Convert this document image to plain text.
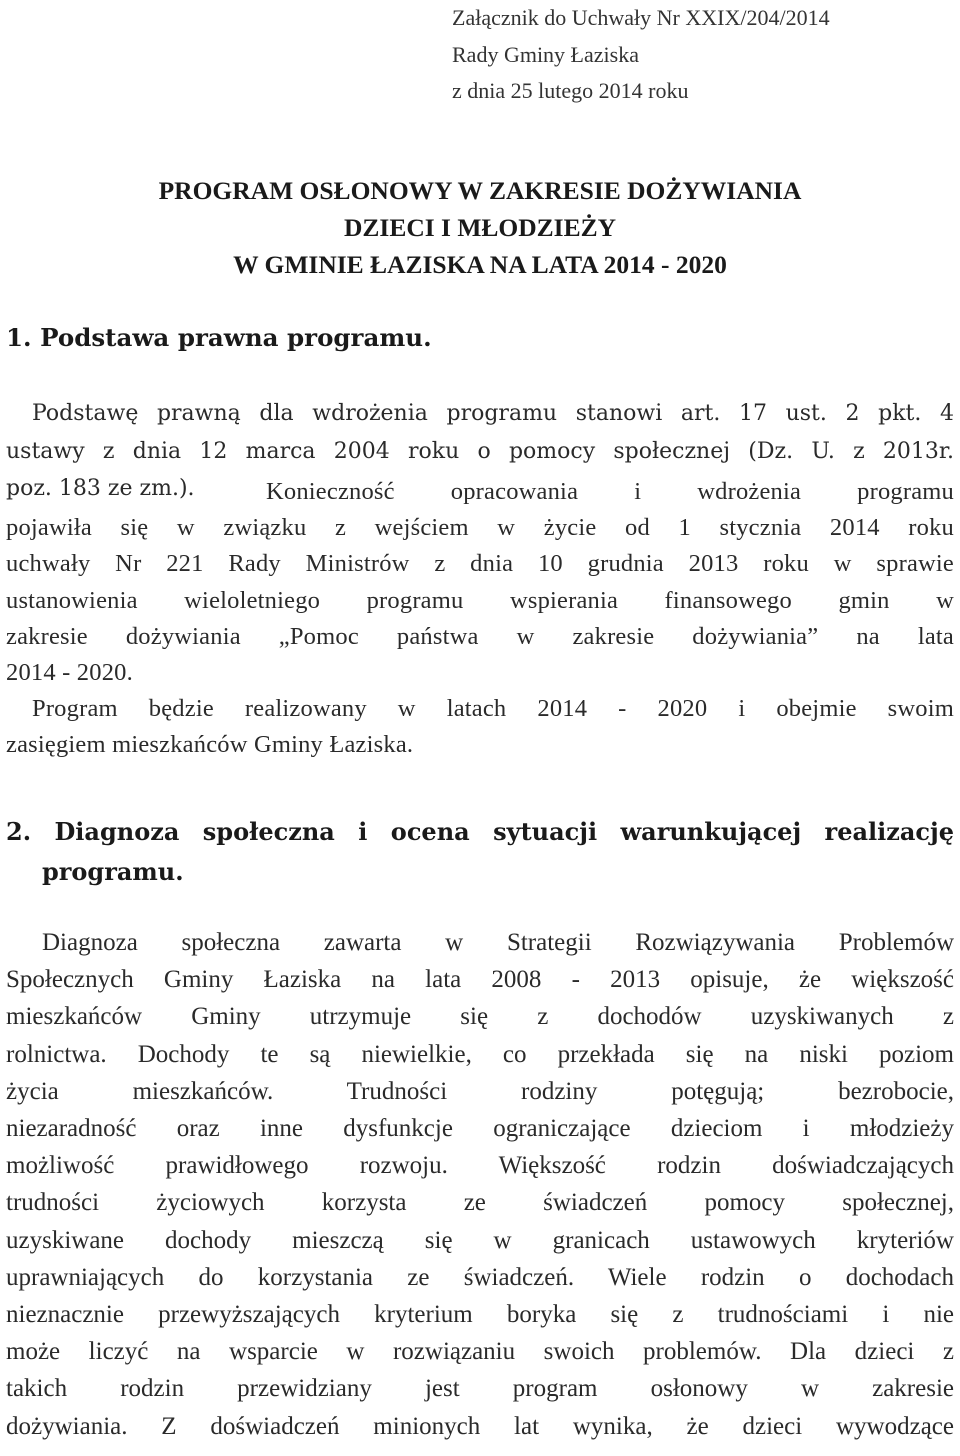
Załącznik do Uchwały Nr XXIX/204/2014
Rady Gminy Łaziska
z dnia 25 lutego 2014 roku
PROGRAM OSŁONOWY W ZAKRESIE DOŻYWIANIA
DZIECI I MŁODZIEŻY
W GMINIE ŁAZISKA NA LATA 2014 - 2020
1. Podstawa prawna programu.
Podstawę prawną dla wdrożenia programu stanowi art. 17 ust. 2 pkt. 4
ustawy z dnia 12 marca 2004 roku o pomocy społecznej (Dz. U. z 2013r.
poz. 183 ze zm.).	Konieczność opracowania i wdrożenia programu
pojawiła się w związku z wejściem w życie od 1 stycznia 2014 roku
uchwały Nr 221 Rady Ministrów z dnia 10 grudnia 2013 roku w sprawie
ustanowienia wieloletniego programu wspierania finansowego gmin w
zakresie dożywiania „Pomoc państwa w zakresie dożywiania” na lata
2014 - 2020.
Program będzie realizowany w latach 2014 - 2020 i obejmie swoim
zasięgiem mieszkańców Gminy Łaziska.
2. Diagnoza społeczna i ocena sytuacji warunkującej realizację
programu.
Diagnoza społeczna zawarta w Strategii Rozwiązywania Problemów
Społecznych Gminy Łaziska na lata 2008 - 2013 opisuje, że większość
mieszkańców Gminy utrzymuje się z dochodów uzyskiwanych z
rolnictwa. Dochody te są niewielkie, co przekłada się na niski poziom
życia mieszkańców. Trudności rodziny potęgują; bezrobocie,
niezaradność oraz inne dysfunkcje ograniczające dzieciom i młodzieży
możliwość prawidłowego rozwoju. Większość rodzin doświadczających
trudności życiowych korzysta ze świadczeń pomocy społecznej,
uzyskiwane dochody mieszczą się w granicach ustawowych kryteriów
uprawniających do korzystania ze świadczeń. Wiele rodzin o dochodach
nieznacznie przewyższających kryterium boryka się z trudnościami i nie
może liczyć na wsparcie w rozwiązaniu swoich problemów. Dla dzieci z
takich rodzin przewidziany jest program osłonowy w zakresie
dożywiania. Z doświadczeń minionych lat wynika, że dzieci wywodzące
